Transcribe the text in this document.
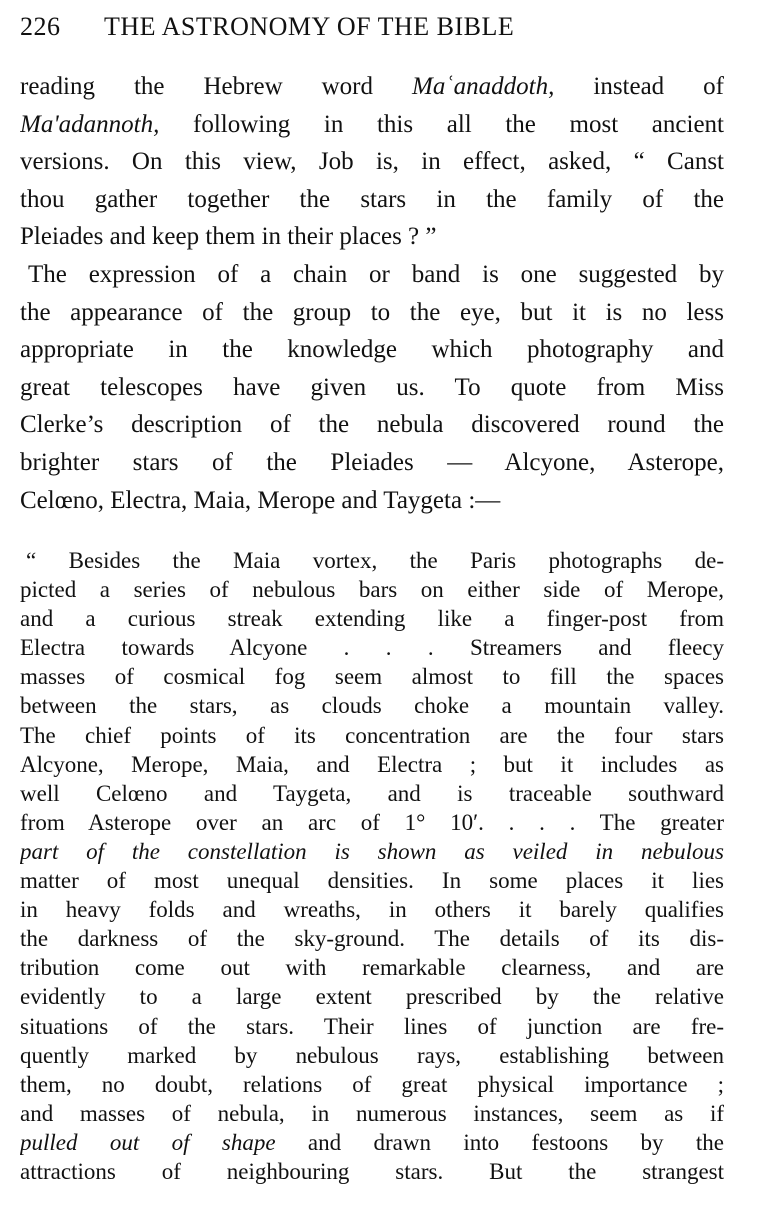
226 THE ASTRONOMY OF THE BIBLE
reading the Hebrew word Maʿanaddoth, instead of
Ma'adannoth, following in this all the most ancient
versions. On this view, Job is, in effect, asked, “ Canst
thou gather together the stars in the family of the
Pleiades and keep them in their places ? ”
The expression of a chain or band is one suggested by
the appearance of the group to the eye, but it is no less
appropriate in the knowledge which photography and
great telescopes have given us. To quote from Miss
Clerke’s description of the nebula discovered round the
brighter stars of the Pleiades — Alcyone, Asterope,
Celœno, Electra, Maia, Merope and Taygeta :—
“ Besides the Maia vortex, the Paris photographs de-
picted a series of nebulous bars on either side of Merope,
and a curious streak extending like a finger-post from
Electra towards Alcyone . . . Streamers and fleecy
masses of cosmical fog seem almost to fill the spaces
between the stars, as clouds choke a mountain valley.
The chief points of its concentration are the four stars
Alcyone, Merope, Maia, and Electra ; but it includes as
well Celœno and Taygeta, and is traceable southward
from Asterope over an arc of 1° 10′. . . . The greater
part of the constellation is shown as veiled in nebulous
matter of most unequal densities. In some places it lies
in heavy folds and wreaths, in others it barely qualifies
the darkness of the sky-ground. The details of its dis-
tribution come out with remarkable clearness, and are
evidently to a large extent prescribed by the relative
situations of the stars. Their lines of junction are fre-
quently marked by nebulous rays, establishing between
them, no doubt, relations of great physical importance ;
and masses of nebula, in numerous instances, seem as if
pulled out of shape and drawn into festoons by the
attractions of neighbouring stars. But the strangest
